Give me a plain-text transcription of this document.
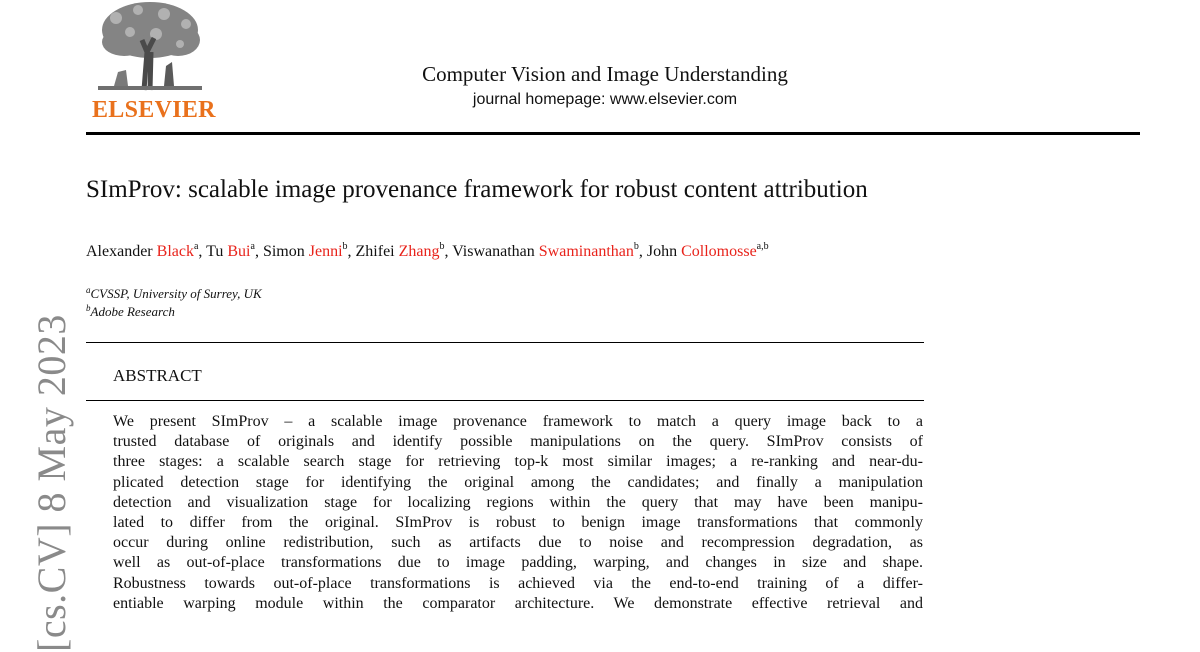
ELSEVIER
Computer Vision and Image Understanding
journal homepage: www.elsevier.com
SImProv: scalable image provenance framework for robust content attribution
Alexander Black$^a$, Tu Bui$^a$, Simon Jenni$^b$, Zhifei Zhang$^b$, Viswanathan Swaminanthan$^b$, John Collomosse$^{a,b}$
$^a$CVSSP, University of Surrey, UK
$^b$Adobe Research
ABSTRACT
We present SImProv – a scalable image provenance framework to match a query image back to a
trusted database of originals and identify possible manipulations on the query. SImProv consists of
three stages: a scalable search stage for retrieving top-k most similar images; a re-ranking and near-du-
plicated detection stage for identifying the original among the candidates; and finally a manipulation
detection and visualization stage for localizing regions within the query that may have been manipu-
lated to differ from the original. SImProv is robust to benign image transformations that commonly
occur during online redistribution, such as artifacts due to noise and recompression degradation, as
well as out-of-place transformations due to image padding, warping, and changes in size and shape.
Robustness towards out-of-place transformations is achieved via the end-to-end training of a differ-
entiable warping module within the comparator architecture. We demonstrate effective retrieval and
[cs.CV] 8 May 2023
